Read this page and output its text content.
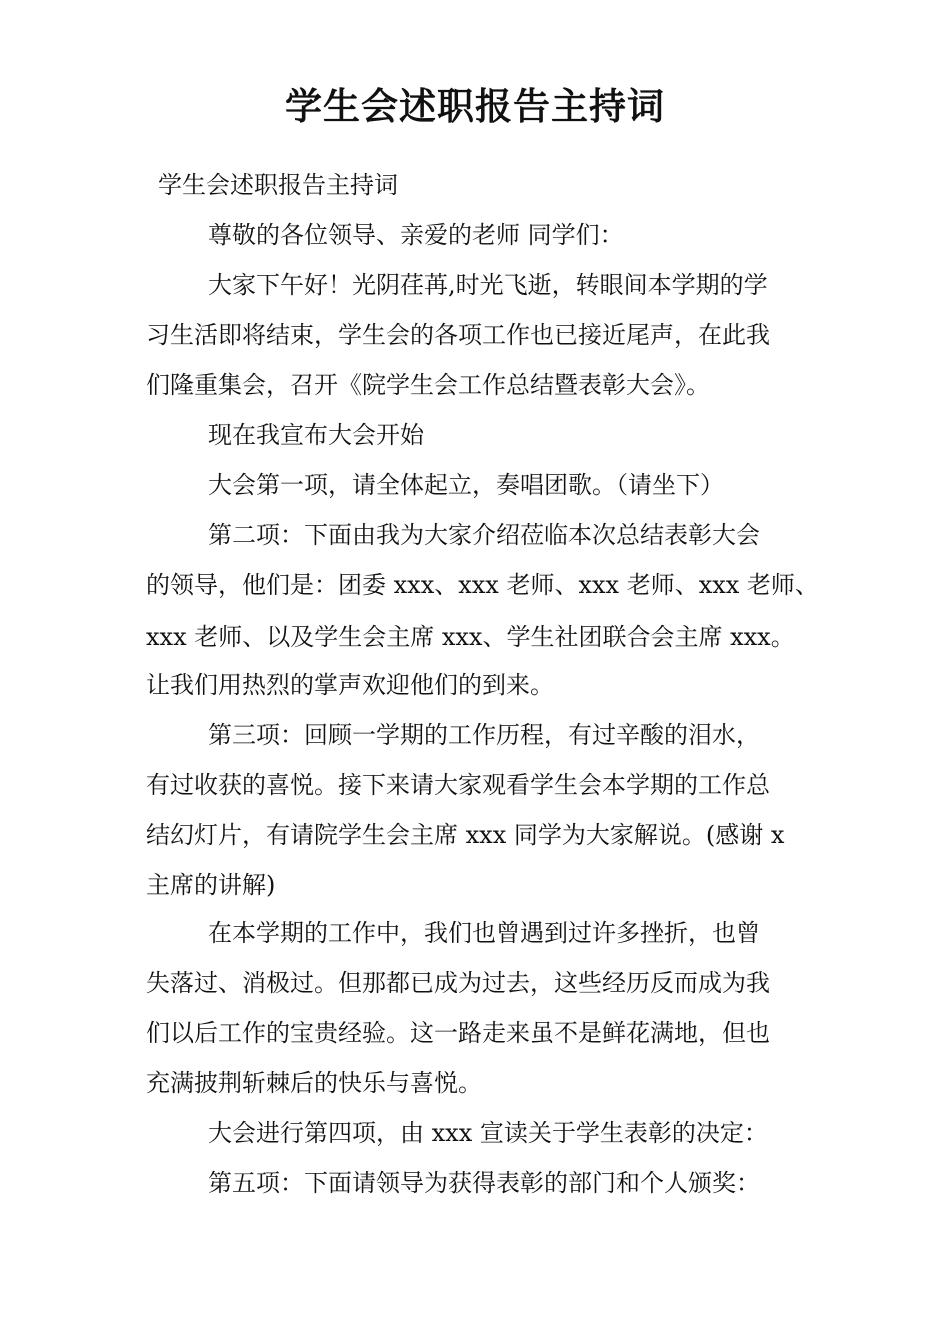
学生会述职报告主持词
学生会述职报告主持词
尊敬的各位领导、亲爱的老师 同学们：
大家下午好！光阴荏苒,时光飞逝，转眼间本学期的学
习生活即将结束，学生会的各项工作也已接近尾声，在此我
们隆重集会，召开《院学生会工作总结暨表彰大会》。
现在我宣布大会开始
大会第一项，请全体起立，奏唱团歌。（请坐下）
第二项：下面由我为大家介绍莅临本次总结表彰大会
的领导，他们是：团委 xxx、xxx 老师、xxx 老师、xxx 老师、
xxx 老师、以及学生会主席 xxx、学生社团联合会主席 xxx。
让我们用热烈的掌声欢迎他们的到来。
第三项：回顾一学期的工作历程，有过辛酸的泪水，
有过收获的喜悦。接下来请大家观看学生会本学期的工作总
结幻灯片，有请院学生会主席 xxx 同学为大家解说。(感谢 x
主席的讲解)
在本学期的工作中，我们也曾遇到过许多挫折，也曾
失落过、消极过。但那都已成为过去，这些经历反而成为我
们以后工作的宝贵经验。这一路走来虽不是鲜花满地，但也
充满披荆斩棘后的快乐与喜悦。
大会进行第四项，由 xxx 宣读关于学生表彰的决定：
第五项：下面请领导为获得表彰的部门和个人颁奖：
